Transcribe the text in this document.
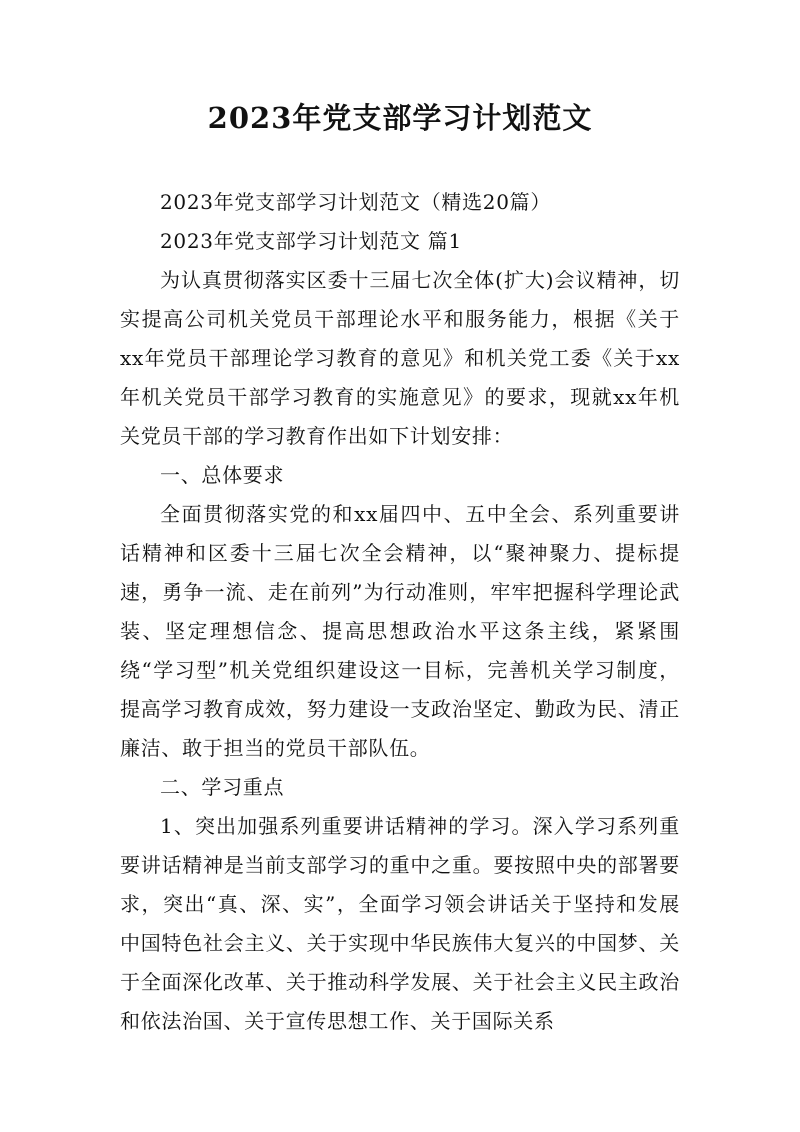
2023年党支部学习计划范文

2023年党支部学习计划范文（精选20篇）

2023年党支部学习计划范文 篇1

为认真贯彻落实区委十三届七次全体(扩大)会议精神，切实提高公司机关党员干部理论水平和服务能力，根据《关于xx年党员干部理论学习教育的意见》和机关党工委《关于xx年机关党员干部学习教育的实施意见》的要求，现就xx年机关党员干部的学习教育作出如下计划安排：

一、总体要求

全面贯彻落实党的和xx届四中、五中全会、系列重要讲话精神和区委十三届七次全会精神，以“聚神聚力、提标提速，勇争一流、走在前列”为行动准则，牢牢把握科学理论武装、坚定理想信念、提高思想政治水平这条主线，紧紧围绕“学习型”机关党组织建设这一目标，完善机关学习制度，提高学习教育成效，努力建设一支政治坚定、勤政为民、清正廉洁、敢于担当的党员干部队伍。

二、学习重点

1、突出加强系列重要讲话精神的学习。深入学习系列重要讲话精神是当前支部学习的重中之重。要按照中央的部署要求，突出“真、深、实”，全面学习领会讲话关于坚持和发展中国特色社会主义、关于实现中华民族伟大复兴的中国梦、关于全面深化改革、关于推动科学发展、关于社会主义民主政治和依法治国、关于宣传思想工作、关于国际关系
